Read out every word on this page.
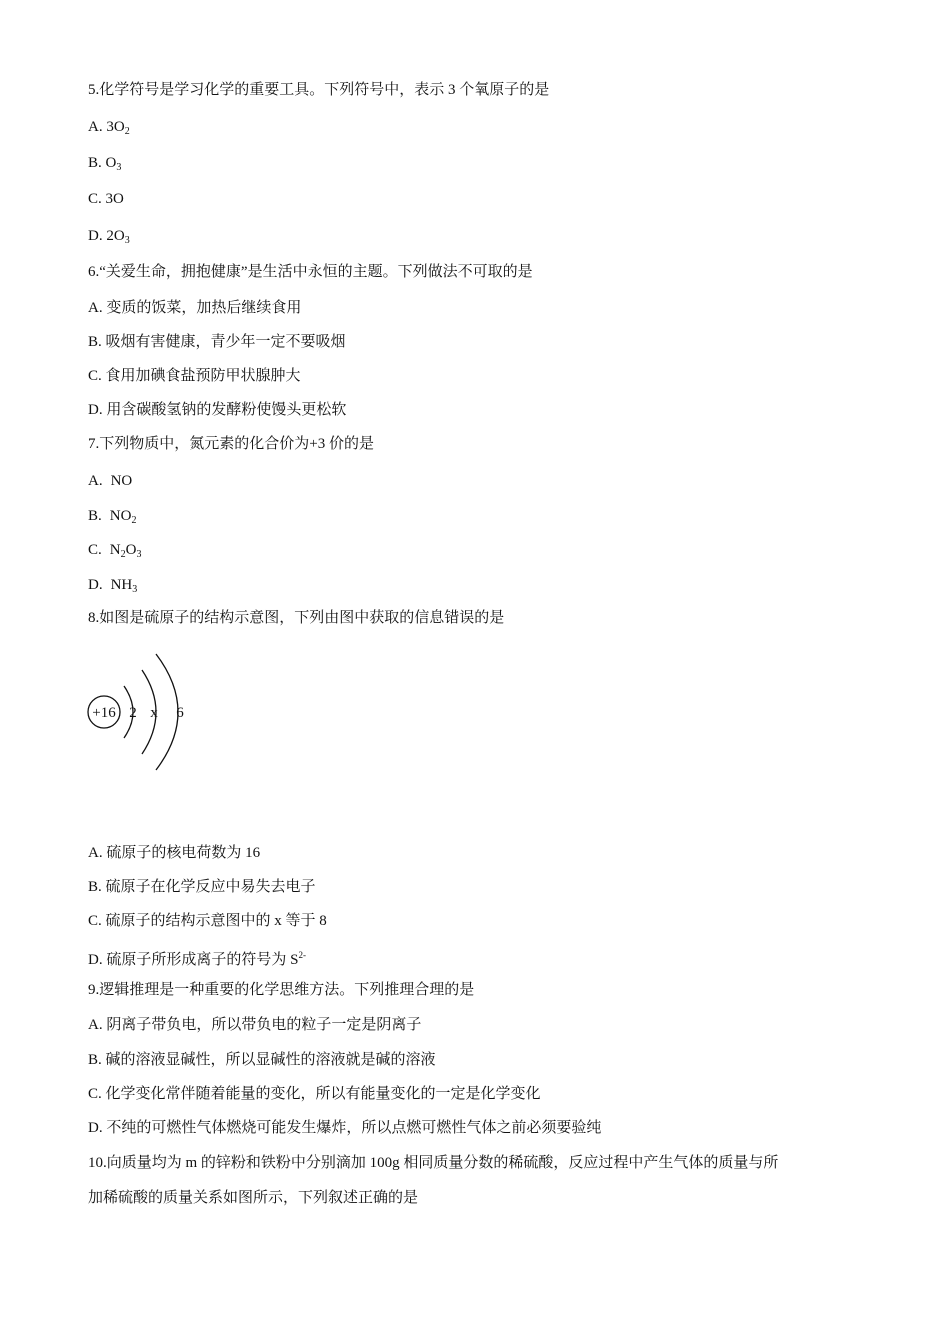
5.化学符号是学习化学的重要工具。下列符号中，表示 3 个氧原子的是
A. $3O_2$
B. $O_3$
C. 3O
D. $2O_3$
6.“关爱生命，拥抱健康”是生活中永恒的主题。下列做法不可取的是
A. 变质的饭菜，加热后继续食用
B. 吸烟有害健康，青少年一定不要吸烟
C. 食用加碘食盐预防甲状腺肿大
D. 用含碳酸氢钠的发酵粉使馒头更松软
7.下列物质中，氮元素的化合价为+3 价的是
A. NO
B. $NO_2$
C. $N_2O_3$
D. $NH_3$
8.如图是硫原子的结构示意图，下列由图中获取的信息错误的是
+16 2 x 6
A. 硫原子的核电荷数为 16
B. 硫原子在化学反应中易失去电子
C. 硫原子的结构示意图中的 x 等于 8
D. 硫原子所形成离子的符号为 $S^{2-}$
9.逻辑推理是一种重要的化学思维方法。下列推理合理的是
A. 阴离子带负电，所以带负电的粒子一定是阴离子
B. 碱的溶液显碱性，所以显碱性的溶液就是碱的溶液
C. 化学变化常伴随着能量的变化，所以有能量变化的一定是化学变化
D. 不纯的可燃性气体燃烧可能发生爆炸，所以点燃可燃性气体之前必须要验纯
10.向质量均为 m 的锌粉和铁粉中分别滴加 100g 相同质量分数的稀硫酸，反应过程中产生气体的质量与所
加稀硫酸的质量关系如图所示，下列叙述正确的是
